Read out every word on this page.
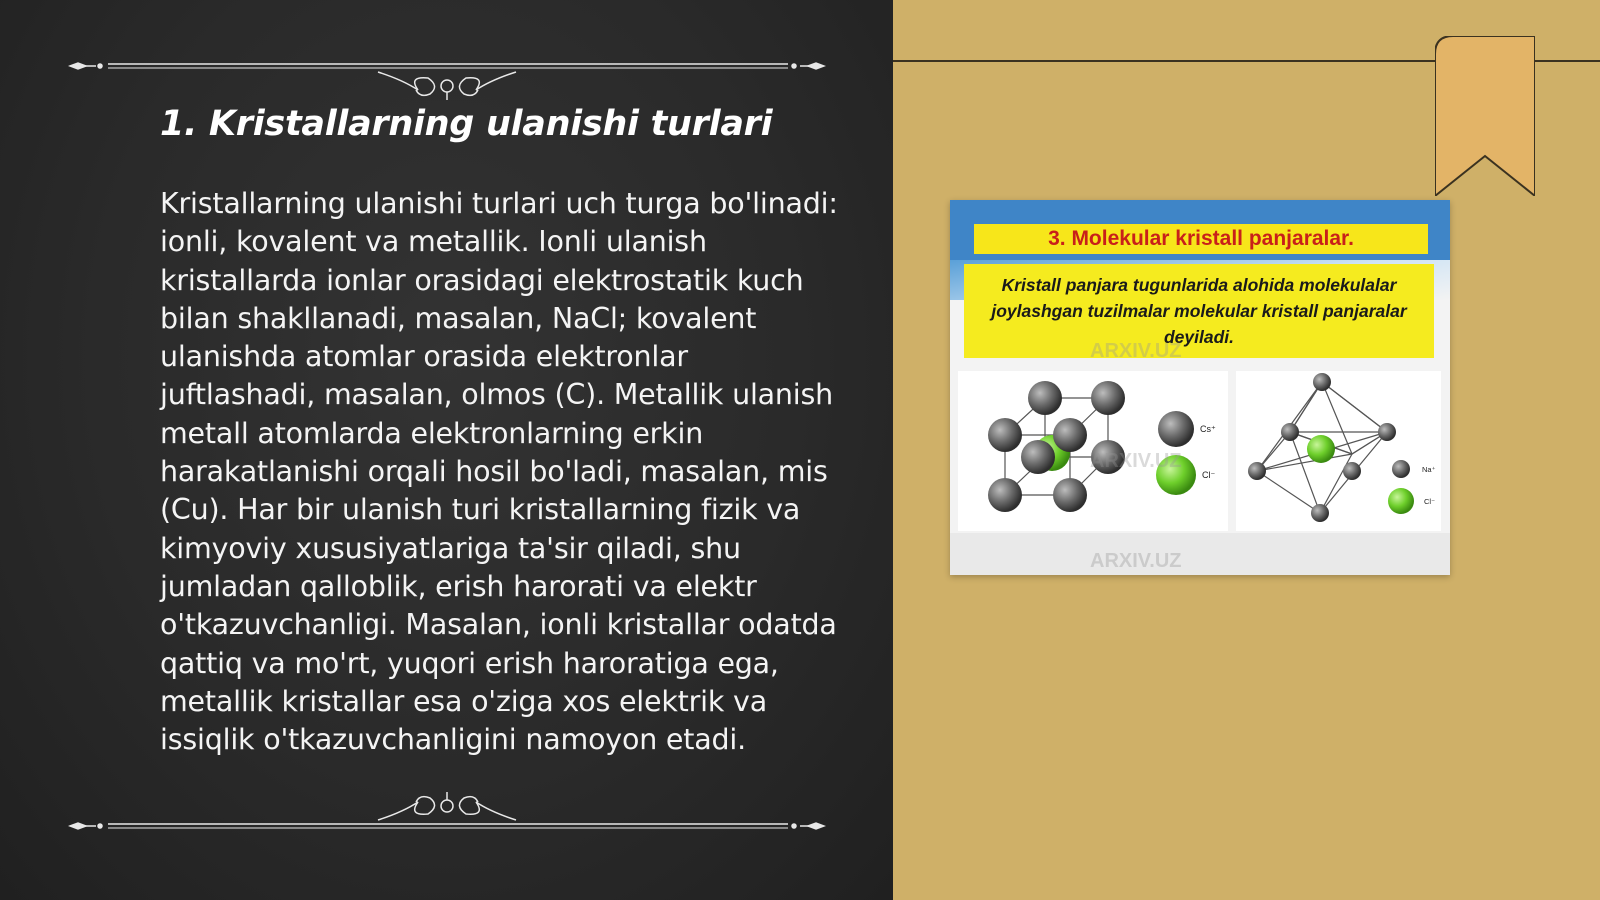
1. Kristallarning ulanishi turlari

Kristallarning ulanishi turlari uch turga bo'linadi: ionli, kovalent va metallik. Ionli ulanish kristallarda ionlar orasidagi elektrostatik kuch bilan shakllanadi, masalan, NaCl; kovalent ulanishda atomlar orasida elektronlar juftlashadi, masalan, olmos (C). Metallik ulanish metall atomlarda elektronlarning erkin harakatlanishi orqali hosil bo'ladi, masalan, mis (Cu). Har bir ulanish turi kristallarning fizik va kimyoviy xususiyatlariga ta'sir qiladi, shu jumladan qalloblik, erish harorati va elektr o'tkazuvchanligi. Masalan, ionli kristallar odatda qattiq va mo'rt, yuqori erish haroratiga ega, metallik kristallar esa o'ziga xos elektrik va issiqlik o'tkazuvchanligini namoyon etadi.

3. Molekular kristall panjaralar.
Kristall panjara tugunlarida alohida molekulalar joylashgan tuzilmalar molekular kristall panjaralar deyiladi.
Cs⁺
Cl⁻
Na⁺
Cl⁻
ARXIV.UZ
ARXIV.UZ
ARXIV.UZ
